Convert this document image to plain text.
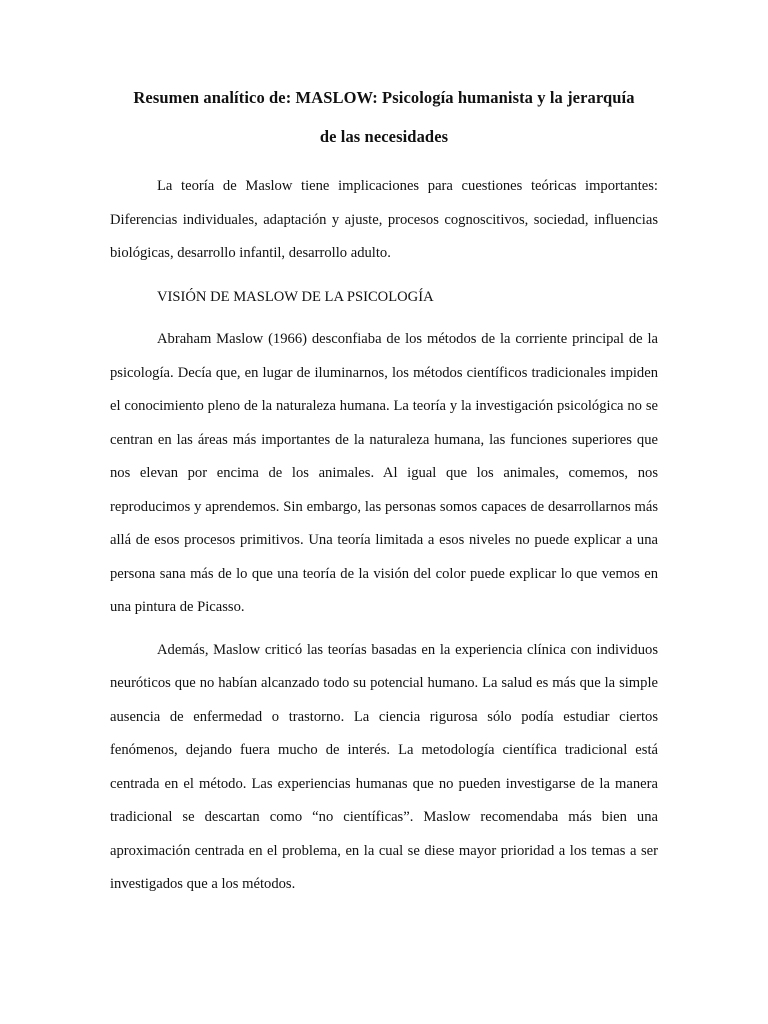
Resumen analítico de: MASLOW: Psicología humanista y la jerarquía
de las necesidades

La teoría de Maslow tiene implicaciones para cuestiones teóricas importantes: Diferencias individuales, adaptación y ajuste, procesos cognoscitivos, sociedad, influencias biológicas, desarrollo infantil, desarrollo adulto.

VISIÓN DE MASLOW DE LA PSICOLOGÍA

Abraham Maslow (1966) desconfiaba de los métodos de la corriente principal de la psicología. Decía que, en lugar de iluminarnos, los métodos científicos tradicionales impiden el conocimiento pleno de la naturaleza humana. La teoría y la investigación psicológica no se centran en las áreas más importantes de la naturaleza humana, las funciones superiores que nos elevan por encima de los animales. Al igual que los animales, comemos, nos reproducimos y aprendemos. Sin embargo, las personas somos capaces de desarrollarnos más allá de esos procesos primitivos. Una teoría limitada a esos niveles no puede explicar a una persona sana más de lo que una teoría de la visión del color puede explicar lo que vemos en una pintura de Picasso.

Además, Maslow criticó las teorías basadas en la experiencia clínica con individuos neuróticos que no habían alcanzado todo su potencial humano. La salud es más que la simple ausencia de enfermedad o trastorno. La ciencia rigurosa sólo podía estudiar ciertos fenómenos, dejando fuera mucho de interés. La metodología científica tradicional está centrada en el método. Las experiencias humanas que no pueden investigarse de la manera tradicional se descartan como “no científicas”. Maslow recomendaba más bien una aproximación centrada en el problema, en la cual se diese mayor prioridad a los temas a ser investigados que a los métodos.
